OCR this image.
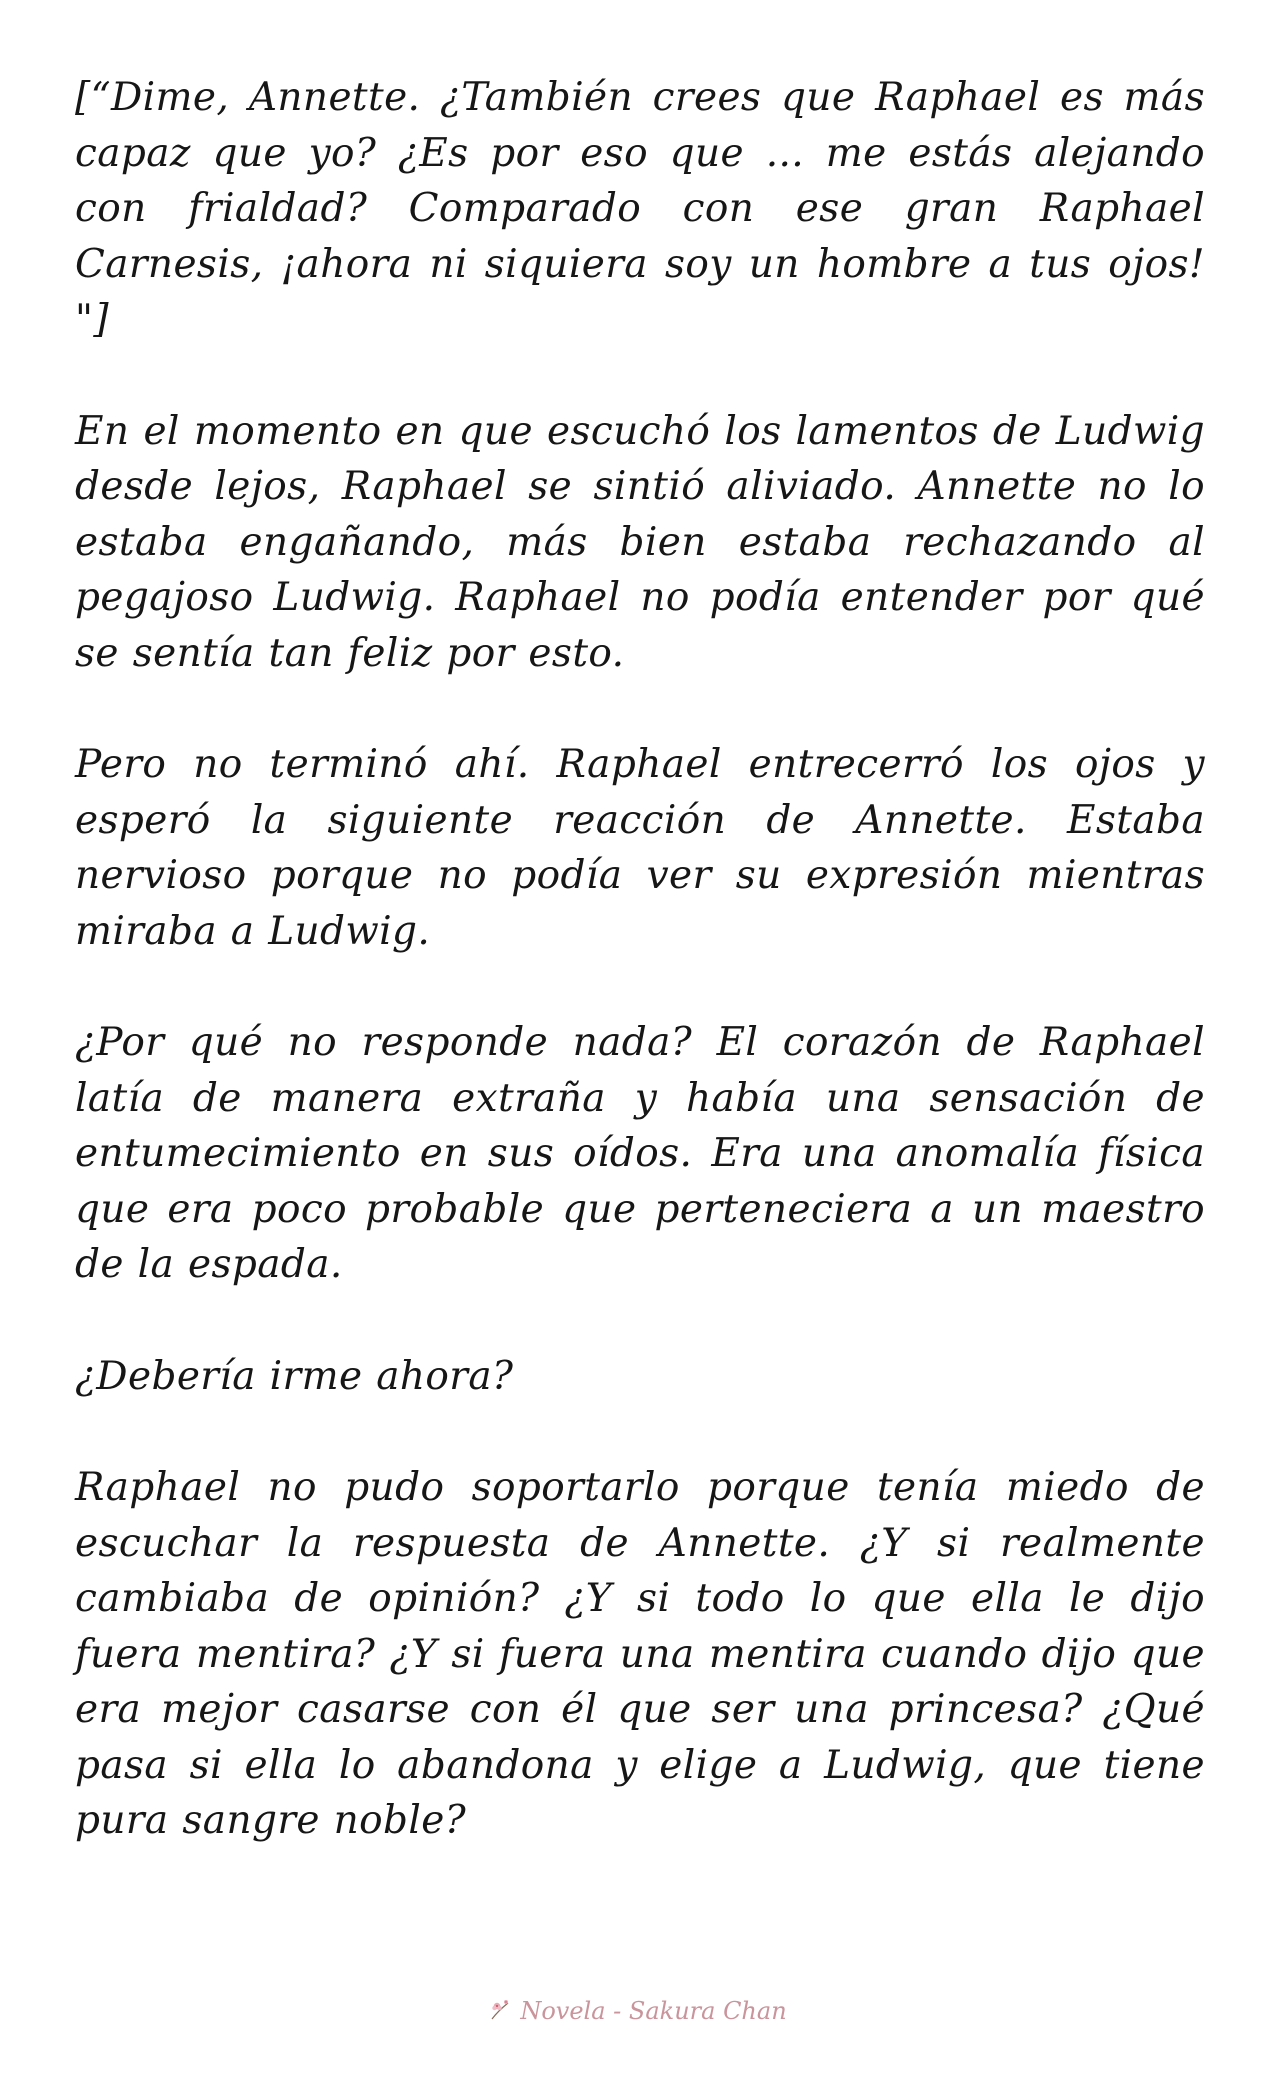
[“Dime, Annette. ¿También crees que Raphael es más capaz que yo? ¿Es por eso que ... me estás alejando con frialdad? Comparado con ese gran Raphael Carnesis, ¡ahora ni siquiera soy un hombre a tus ojos! "]

En el momento en que escuchó los lamentos de Ludwig desde lejos, Raphael se sintió aliviado. Annette no lo estaba engañando, más bien estaba rechazando al pegajoso Ludwig. Raphael no podía entender por qué se sentía tan feliz por esto.

Pero no terminó ahí. Raphael entrecerró los ojos y esperó la siguiente reacción de Annette. Estaba nervioso porque no podía ver su expresión mientras miraba a Ludwig.

¿Por qué no responde nada? El corazón de Raphael latía de manera extraña y había una sensación de entumecimiento en sus oídos. Era una anomalía física que era poco probable que perteneciera a un maestro de la espada.

¿Debería irme ahora?

Raphael no pudo soportarlo porque tenía miedo de escuchar la respuesta de Annette. ¿Y si realmente cambiaba de opinión? ¿Y si todo lo que ella le dijo fuera mentira? ¿Y si fuera una mentira cuando dijo que era mejor casarse con él que ser una princesa? ¿Qué pasa si ella lo abandona y elige a Ludwig, que tiene pura sangre noble?

Novela - Sakura Chan
